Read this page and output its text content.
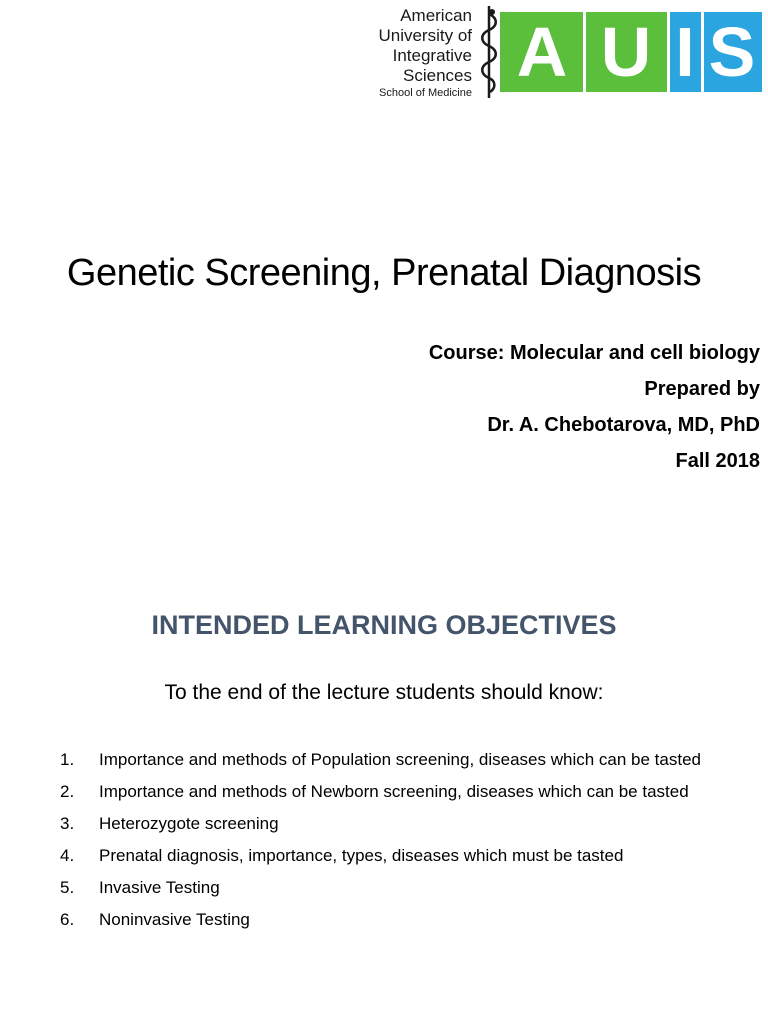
American
University of
Integrative
Sciences
School of Medicine
A U I S
Genetic Screening, Prenatal Diagnosis
Course: Molecular and cell biology
Prepared by
Dr. A. Chebotarova, MD, PhD
Fall 2018
INTENDED LEARNING OBJECTIVES
To the end of the lecture students should know:
1. Importance and methods of Population screening, diseases which can be tasted
2. Importance and methods of Newborn screening, diseases which can be tasted
3. Heterozygote screening
4. Prenatal diagnosis, importance, types, diseases which must be tasted
5. Invasive Testing
6. Noninvasive Testing
